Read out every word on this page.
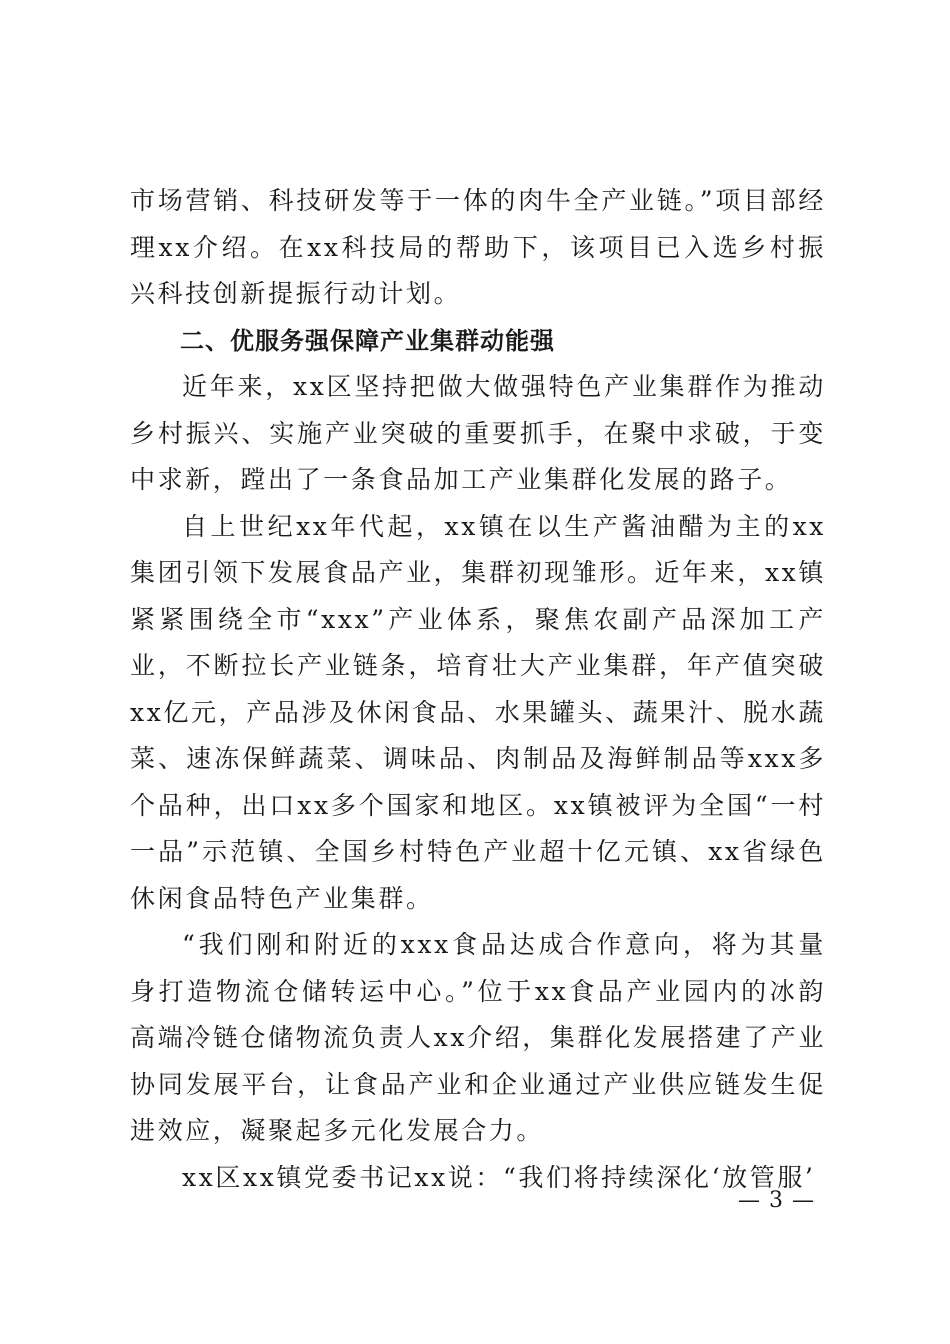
市场营销、科技研发等于一体的肉牛全产业链。”项目部经理xx介绍。在xx科技局的帮助下，该项目已入选乡村振兴科技创新提振行动计划。

二、优服务强保障产业集群动能强

近年来，xx区坚持把做大做强特色产业集群作为推动乡村振兴、实施产业突破的重要抓手，在聚中求破，于变中求新，蹚出了一条食品加工产业集群化发展的路子。

自上世纪xx年代起，xx镇在以生产酱油醋为主的xx集团引领下发展食品产业，集群初现雏形。近年来，xx镇紧紧围绕全市“xxx”产业体系，聚焦农副产品深加工产业，不断拉长产业链条，培育壮大产业集群，年产值突破xx亿元，产品涉及休闲食品、水果罐头、蔬果汁、脱水蔬菜、速冻保鲜蔬菜、调味品、肉制品及海鲜制品等xxx多个品种，出口xx多个国家和地区。xx镇被评为全国“一村一品”示范镇、全国乡村特色产业超十亿元镇、xx省绿色休闲食品特色产业集群。

“我们刚和附近的xxx食品达成合作意向，将为其量身打造物流仓储转运中心。”位于xx食品产业园内的冰韵高端冷链仓储物流负责人xx介绍，集群化发展搭建了产业协同发展平台，让食品产业和企业通过产业供应链发生促进效应，凝聚起多元化发展合力。

xx区xx镇党委书记xx说：“我们将持续深化‘放管服’

— 3 —
